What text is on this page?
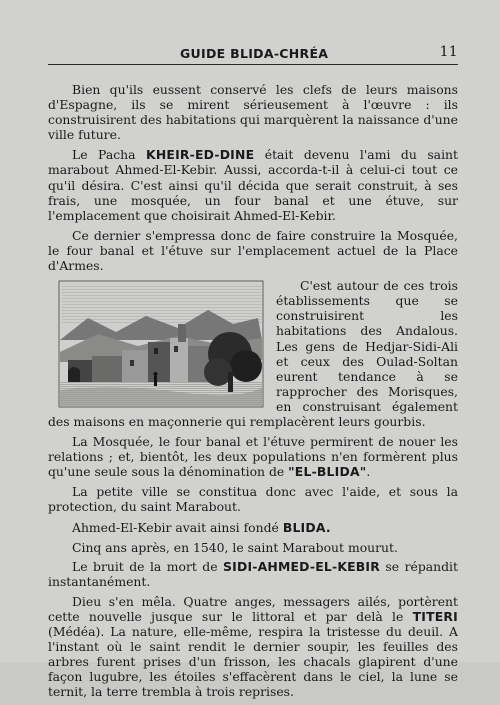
GUIDE BLIDA-CHRÉA	11

Bien qu'ils eussent conservé les clefs de leurs maisons d'Espagne, ils se mirent sérieusement à l'œuvre : ils construisirent des habitations qui marquèrent la naissance d'une ville future.

Le Pacha KHEIR-ED-DINE était devenu l'ami du saint marabout Ahmed-El-Kebir. Aussi, accorda-t-il à celui-ci tout ce qu'il désira. C'est ainsi qu'il décida que serait construit, à ses frais, une mosquée, un four banal et une étuve, sur l'emplacement que choisirait Ahmed-El-Kebir.

Ce dernier s'empressa donc de faire construire la Mosquée, le four banal et l'étuve sur l'emplacement actuel de la Place d'Armes.

C'est autour de ces trois établissements que se construisirent les habitations des Andalous. Les gens de Hedjar-Sidi-Ali et ceux des Oulad-Soltan eurent tendance à se rapprocher des Morisques, en construisant également des maisons en maçonnerie qui remplacèrent leurs gourbis.

La Mosquée, le four banal et l'étuve permirent de nouer les relations ; et, bientôt, les deux populations n'en formèrent plus qu'une seule sous la dénomination de "EL-BLIDA".

La petite ville se constitua donc avec l'aide, et sous la protection, du saint Marabout.

Ahmed-El-Kebir avait ainsi fondé BLIDA.

Cinq ans après, en 1540, le saint Marabout mourut.

Le bruit de la mort de SIDI-AHMED-EL-KEBIR se répandit instantanément.

Dieu s'en mêla. Quatre anges, messagers ailés, portèrent cette nouvelle jusque sur le littoral et par delà le TITERI (Médéa). La nature, elle-même, respira la tristesse du deuil. A l'instant où le saint rendit le dernier soupir, les feuilles des arbres furent prises d'un frisson, les chacals glapirent d'une façon lugubre, les étoiles s'effacèrent dans le ciel, la lune se ternit, la terre trembla à trois reprises.
